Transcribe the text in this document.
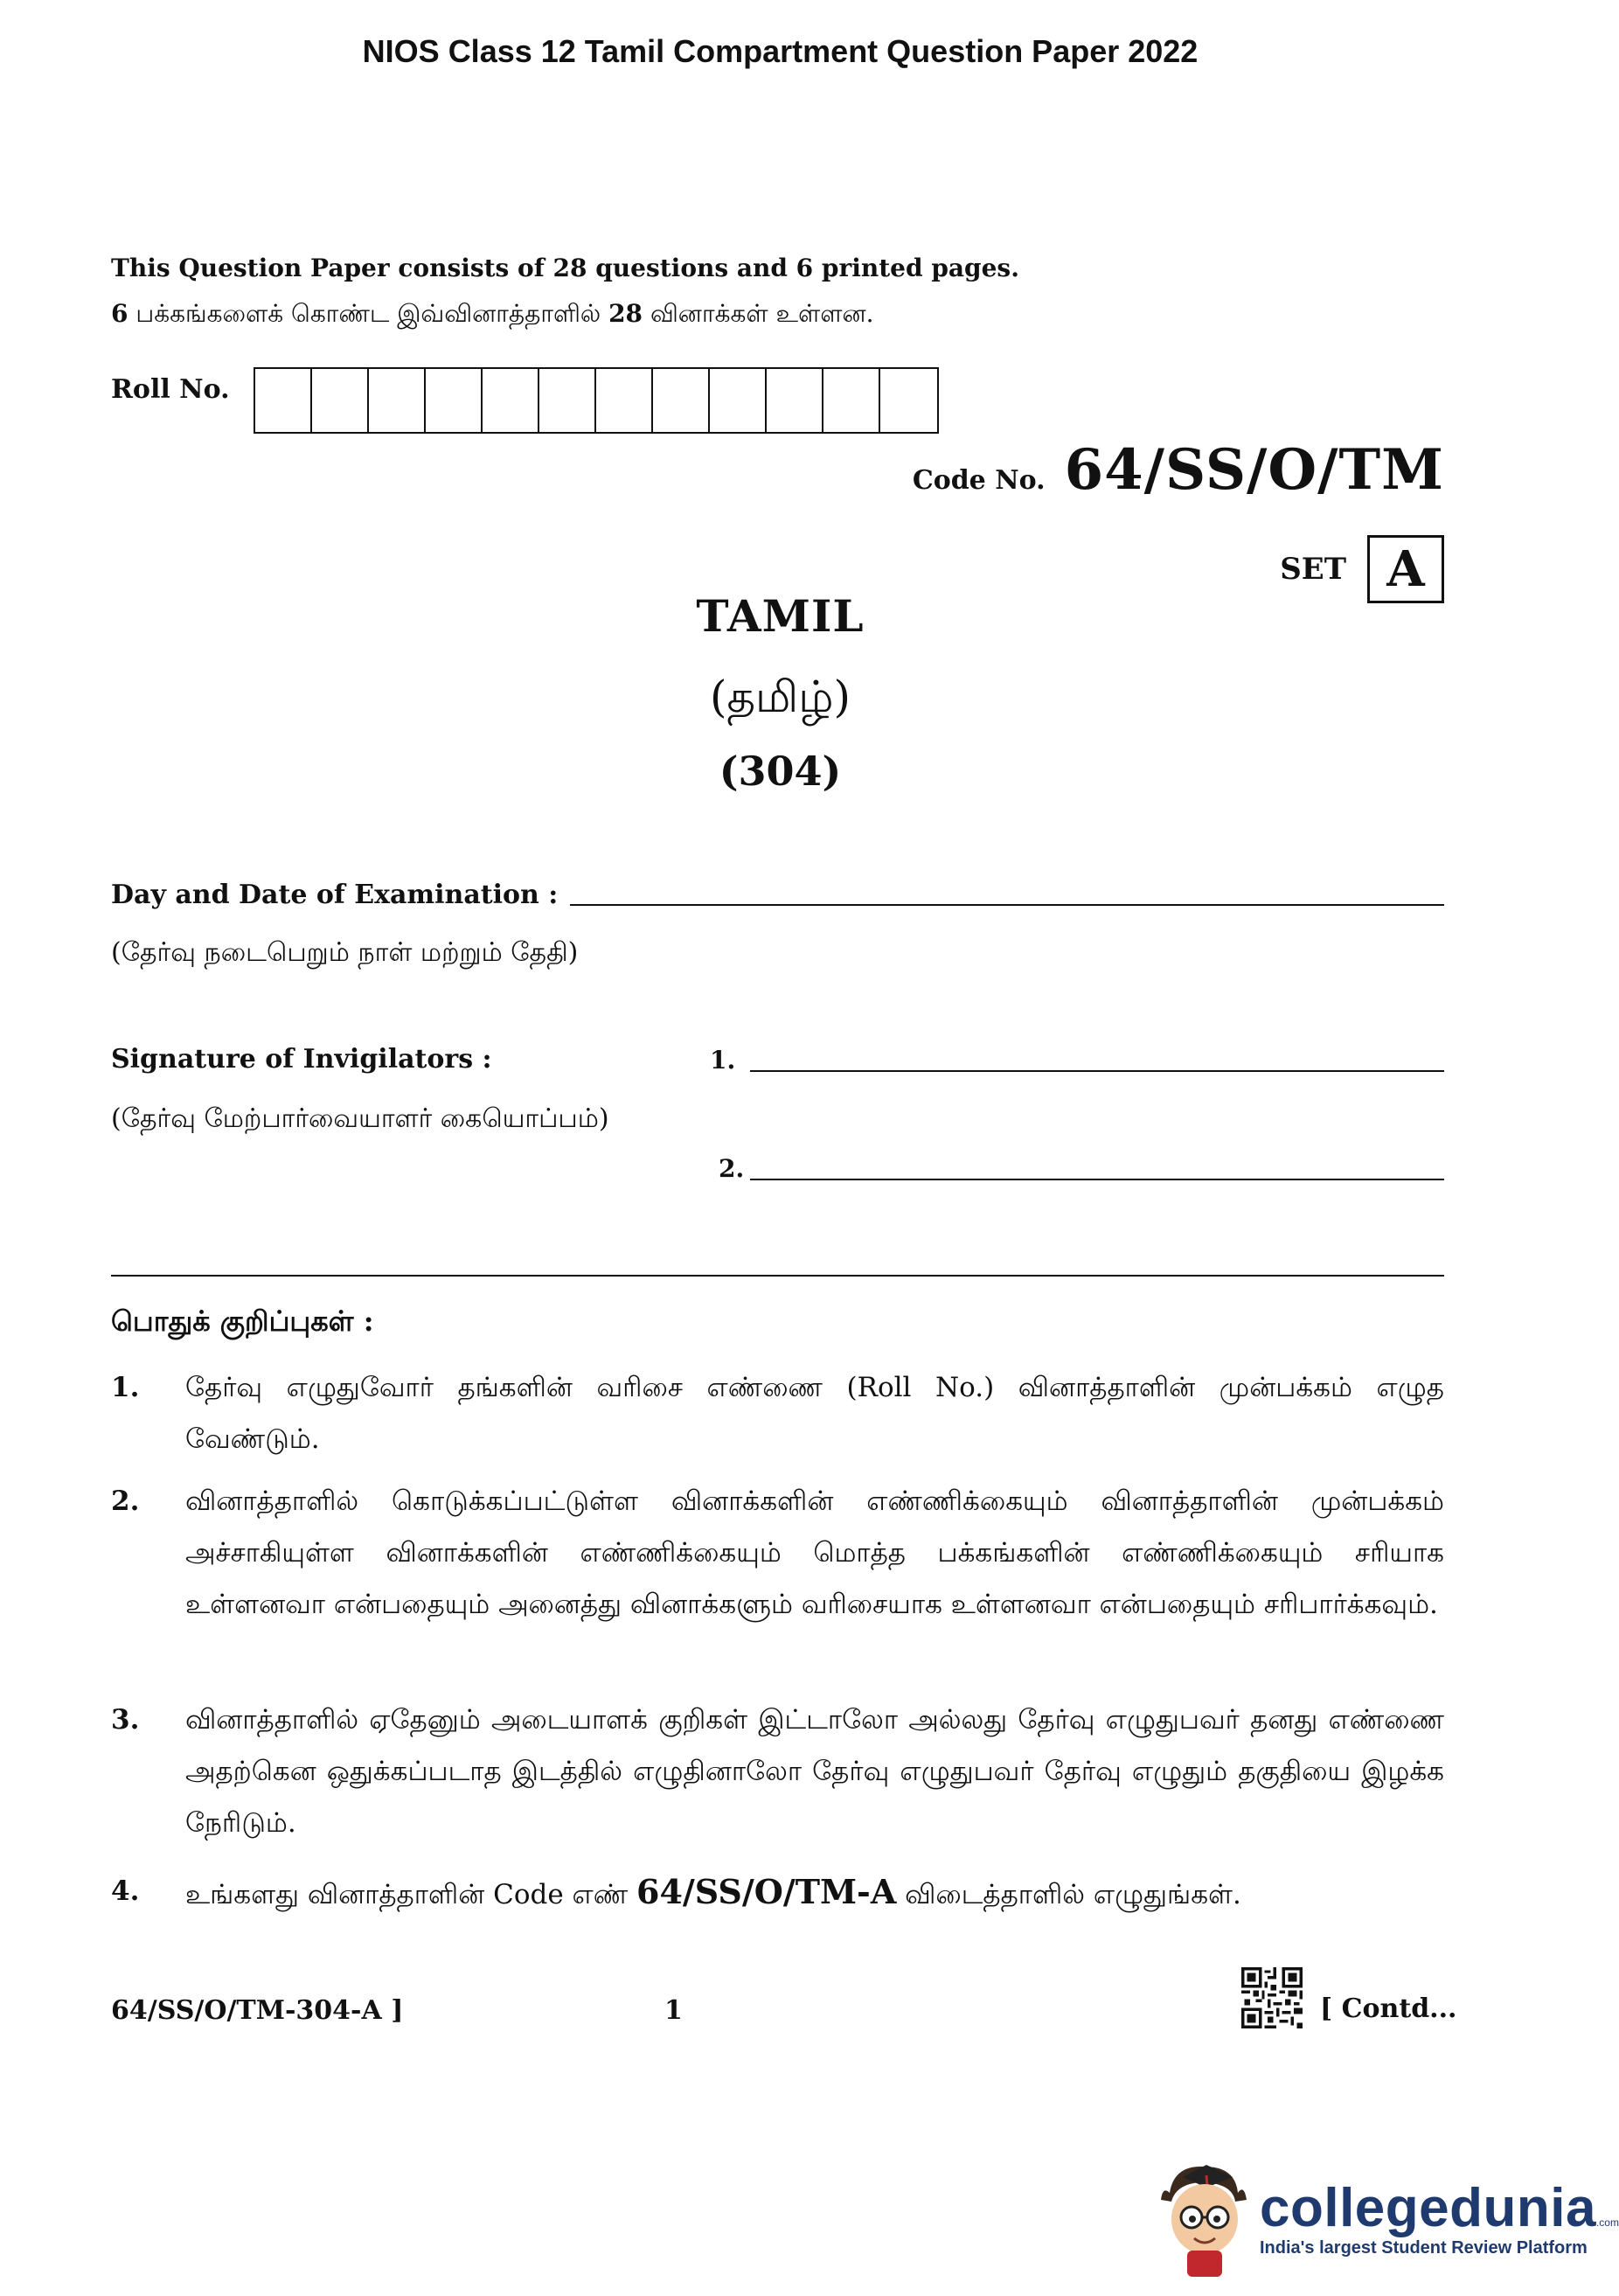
NIOS Class 12 Tamil Compartment Question Paper 2022
This Question Paper consists of 28 questions and 6 printed pages.
6 பக்கங்களைக் கொண்ட இவ்வினாத்தாளில் 28 வினாக்கள் உள்ளன.
Roll No.
Code No. 64/SS/O/TM
SET A
TAMIL
(தமிழ்)
(304)
Day and Date of Examination :
(தேர்வு நடைபெறும் நாள் மற்றும் தேதி)
Signature of Invigilators :	1.
(தேர்வு மேற்பார்வையாளர் கையொப்பம்)
2.
பொதுக் குறிப்புகள் :
1.	தேர்வு எழுதுவோர் தங்களின் வரிசை எண்ணை (Roll No.) வினாத்தாளின் முன்பக்கம் எழுத வேண்டும்.
2.	வினாத்தாளில் கொடுக்கப்பட்டுள்ள வினாக்களின் எண்ணிக்கையும் வினாத்தாளின் முன்பக்கம் அச்சாகியுள்ள வினாக்களின் எண்ணிக்கையும் மொத்த பக்கங்களின் எண்ணிக்கையும் சரியாக உள்ளனவா என்பதையும் அனைத்து வினாக்களும் வரிசையாக உள்ளனவா என்பதையும் சரிபார்க்கவும்.
3.	வினாத்தாளில் ஏதேனும் அடையாளக் குறிகள் இட்டாலோ அல்லது தேர்வு எழுதுபவர் தனது எண்ணை அதற்கென ஒதுக்கப்படாத இடத்தில் எழுதினாலோ தேர்வு எழுதுபவர் தேர்வு எழுதும் தகுதியை இழக்க நேரிடும்.
4.	உங்களது வினாத்தாளின் Code எண் 64/SS/O/TM-A விடைத்தாளில் எழுதுங்கள்.
64/SS/O/TM-304-A ]	1	[ Contd...
collegedunia.com
India's largest Student Review Platform
